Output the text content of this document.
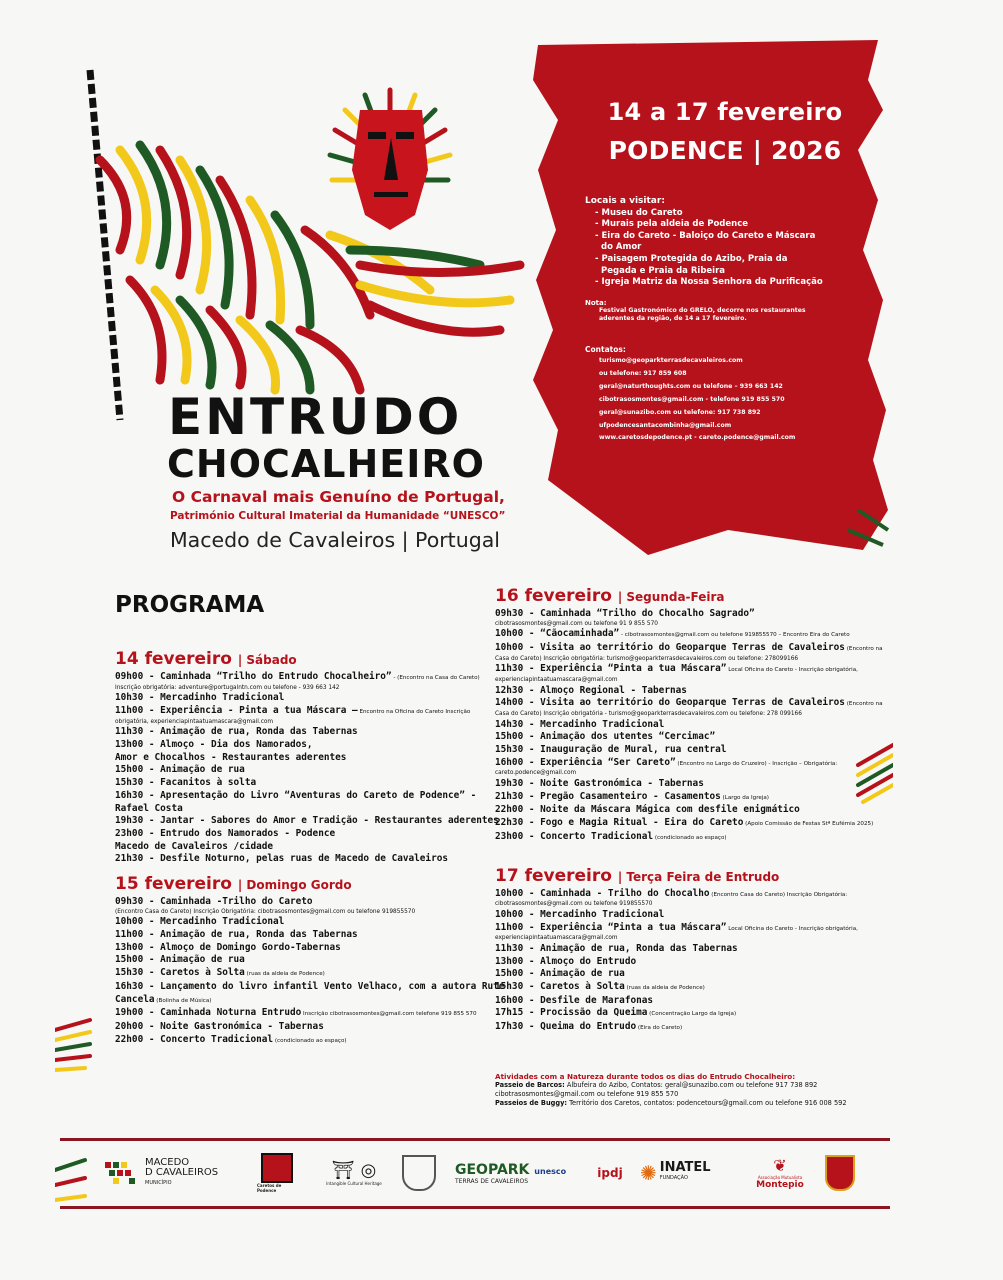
14 a 17 fevereiro
PODENCE | 2026
Locais a visitar:
- Museu do Careto
- Murais pela aldeia de Podence
- Eira do Careto - Baloiço do Careto e Máscara do Amor
- Paisagem Protegida do Azibo, Praia da Pegada e Praia da Ribeira
- Igreja Matriz da Nossa Senhora da Purificação
Nota:
Festival Gastronómico do GRELO, decorre nos restaurantes aderentes da região, de 14 a 17 fevereiro.
Contatos:
turismo@geoparkterrasdecavaleiros.com
ou telefone: 917 859 608
geral@naturthoughts.com ou telefone – 939 663 142
cibotrasosmontes@gmail.com - telefone 919 855 570
geral@sunazibo.com ou telefone: 917 738 892
ufpodencesantacombinha@gmail.com
www.caretosdepodence.pt - careto.podence@gmail.com
ENTRUDO
CHOCALHEIRO
O Carnaval mais Genuíno de Portugal,
Património Cultural Imaterial da Humanidade “UNESCO”
Macedo de Cavaleiros | Portugal
PROGRAMA
14 fevereiro | Sábado
09h00 - Caminhada “Trilho do Entrudo Chocalheiro” - (Encontro na Casa do Careto)
Inscrição obrigatória: adventure@portugalntn.com ou telefone - 939 663 142
10h30 - Mercadinho Tradicional
11h00 - Experiência - Pinta a tua Máscara – Encontro na Oficina do Careto Inscrição
obrigatória, experienciapintaatuamascara@gmail.com
11h30 - Animação de rua, Ronda das Tabernas
13h00 - Almoço - Dia dos Namorados,
Amor e Chocalhos - Restaurantes aderentes
15h00 - Animação de rua
15h30 - Facanitos à solta
16h30 - Apresentação do Livro “Aventuras do Careto de Podence” -
Rafael Costa
19h30 - Jantar - Sabores do Amor e Tradição - Restaurantes aderentes
23h00 - Entrudo dos Namorados - Podence
Macedo de Cavaleiros /cidade
21h30 - Desfile Noturno, pelas ruas de Macedo de Cavaleiros
15 fevereiro | Domingo Gordo
09h30 - Caminhada -Trilho do Careto
(Encontro Casa do Careto) Inscrição Obrigatória: cibotrasosmontes@gmail.com ou telefone 919855570
10h00 - Mercadinho Tradicional
11h00 - Animação de rua, Ronda das Tabernas
13h00 - Almoço de Domingo Gordo-Tabernas
15h00 - Animação de rua
15h30 - Caretos à Solta (ruas da aldeia de Podence)
16h30 - Lançamento do livro infantil Vento Velhaco, com a autora Rute
Cancela (Bolinha de Música)
19h00 - Caminhada Noturna Entrudo Inscrição cibotrasosmontes@gmail.com telefone 919 855 570
20h00 - Noite Gastronómica - Tabernas
22h00 - Concerto Tradicional (condicionado ao espaço)
16 fevereiro | Segunda-Feira
09h30 - Caminhada “Trilho do Chocalho Sagrado”
cibotrasosmontes@gmail.com ou telefone 91 9 855 570
10h00 - “Cãocaminhada” - cibotrasosmontes@gmail.com ou telefone 919855570 – Encontro Eira do Careto
10h00 - Visita ao território do Geoparque Terras de Cavaleiros (Encontro na
Casa do Careto) Inscrição obrigatória: turismo@geoparkterrasdecavaleiros.com ou telefone: 278099166
11h30 - Experiência “Pinta a tua Máscara” Local Oficina do Careto - Inscrição obrigatória,
experienciapintaatuamascara@gmail.com
12h30 - Almoço Regional - Tabernas
14h00 - Visita ao território do Geoparque Terras de Cavaleiros (Encontro na
Casa do Careto) Inscrição obrigatória - turismo@geoparkterrasdecavaleiros.com ou telefone: 278 099166
14h30 - Mercadinho Tradicional
15h00 - Animação dos utentes “Cercimac”
15h30 - Inauguração de Mural, rua central
16h00 - Experiência “Ser Careto” (Encontro no Largo do Cruzeiro) - Inscrição – Obrigatória:
careto.podence@gmail.com
19h30 - Noite Gastronómica - Tabernas
21h30 - Pregão Casamenteiro - Casamentos (Largo da Igreja)
22h00 - Noite da Máscara Mágica com desfile enigmático
22h30 - Fogo e Magia Ritual - Eira do Careto (Apoio Comissão de Festas Stª Eufémia 2025)
23h00 - Concerto Tradicional (condicionado ao espaço)
17 fevereiro | Terça Feira de Entrudo
10h00 - Caminhada - Trilho do Chocalho (Encontro Casa do Careto) Inscrição Obrigatória:
cibotrasosmontes@gmail.com ou telefone 919855570
10h00 - Mercadinho Tradicional
11h00 - Experiência “Pinta a tua Máscara” Local Oficina do Careto - Inscrição obrigatória,
experienciapintaatuamascara@gmail.com
11h30 - Animação de rua, Ronda das Tabernas
13h00 - Almoço do Entrudo
15h00 - Animação de rua
15h30 - Caretos à Solta (ruas da aldeia de Podence)
16h00 - Desfile de Marafonas
17h15 - Procissão da Queima (Concentração Largo da Igreja)
17h30 - Queima do Entrudo (Eira do Careto)
Atividades com a Natureza durante todos os dias do Entrudo Chocalheiro:
Passeio de Barcos: Albufeira do Azibo, Contatos: geral@sunazibo.com ou telefone 917 738 892
cibotrasosmontes@gmail.com ou telefone 919 855 570
Passeios de Buggy: Território dos Caretos, contatos: podencetours@gmail.com ou telefone 916 008 592
MACEDO
D CAVALEIROS
MUNICÍPIO	Caretos de Podence
⛩ ◎
Intangible Cultural Heritage
GEOPARK unesco
TERRAS DE CAVALEIROS
ipdj ✺ INATEL
FUNDAÇÃO
❦
Associação Mutualista
Montepio
